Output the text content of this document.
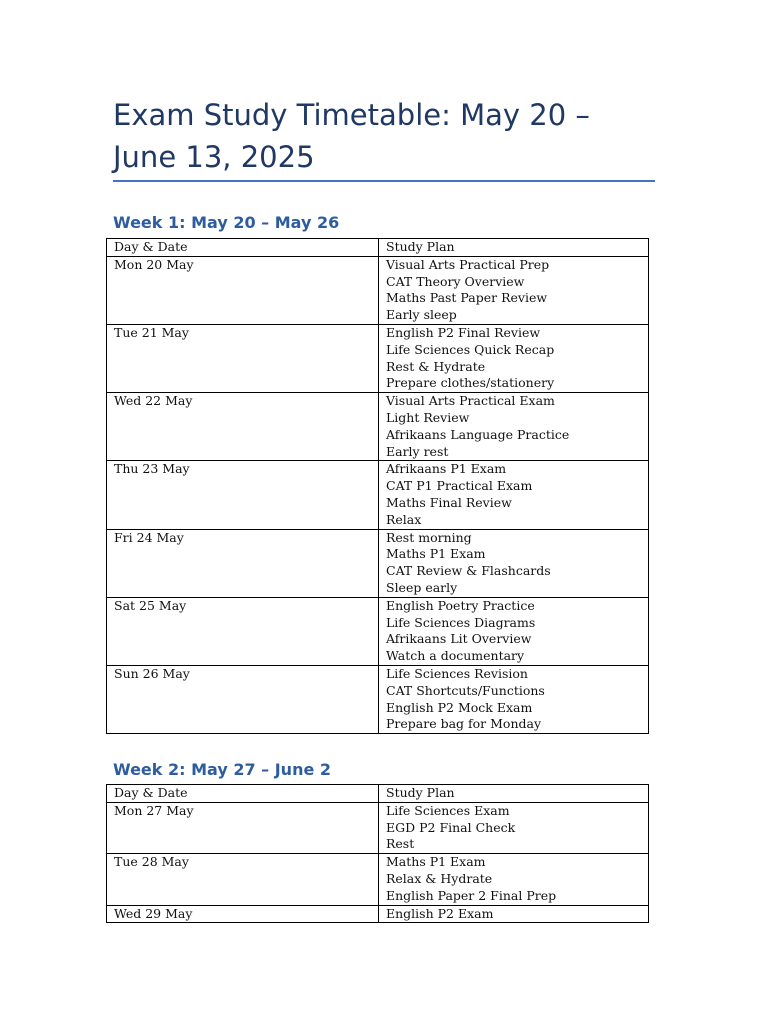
Exam Study Timetable: May 20 – June 13, 2025
Week 1: May 20 – May 26
Day & Date	Study Plan
Mon 20 May	Visual Arts Practical Prep
CAT Theory Overview
Maths Past Paper Review
Early sleep

Tue 21 May	English P2 Final Review
Life Sciences Quick Recap
Rest & Hydrate
Prepare clothes/stationery

Wed 22 May	Visual Arts Practical Exam
Light Review
Afrikaans Language Practice
Early rest

Thu 23 May	Afrikaans P1 Exam
CAT P1 Practical Exam
Maths Final Review
Relax

Fri 24 May	Rest morning
Maths P1 Exam
CAT Review & Flashcards
Sleep early

Sat 25 May	English Poetry Practice
Life Sciences Diagrams
Afrikaans Lit Overview
Watch a documentary

Sun 26 May	Life Sciences Revision
CAT Shortcuts/Functions
English P2 Mock Exam
Prepare bag for Monday
Week 2: May 27 – June 2
Day & Date	Study Plan
Mon 27 May	Life Sciences Exam
EGD P2 Final Check
Rest

Tue 28 May	Maths P1 Exam
Relax & Hydrate
English Paper 2 Final Prep

Wed 29 May	English P2 Exam
